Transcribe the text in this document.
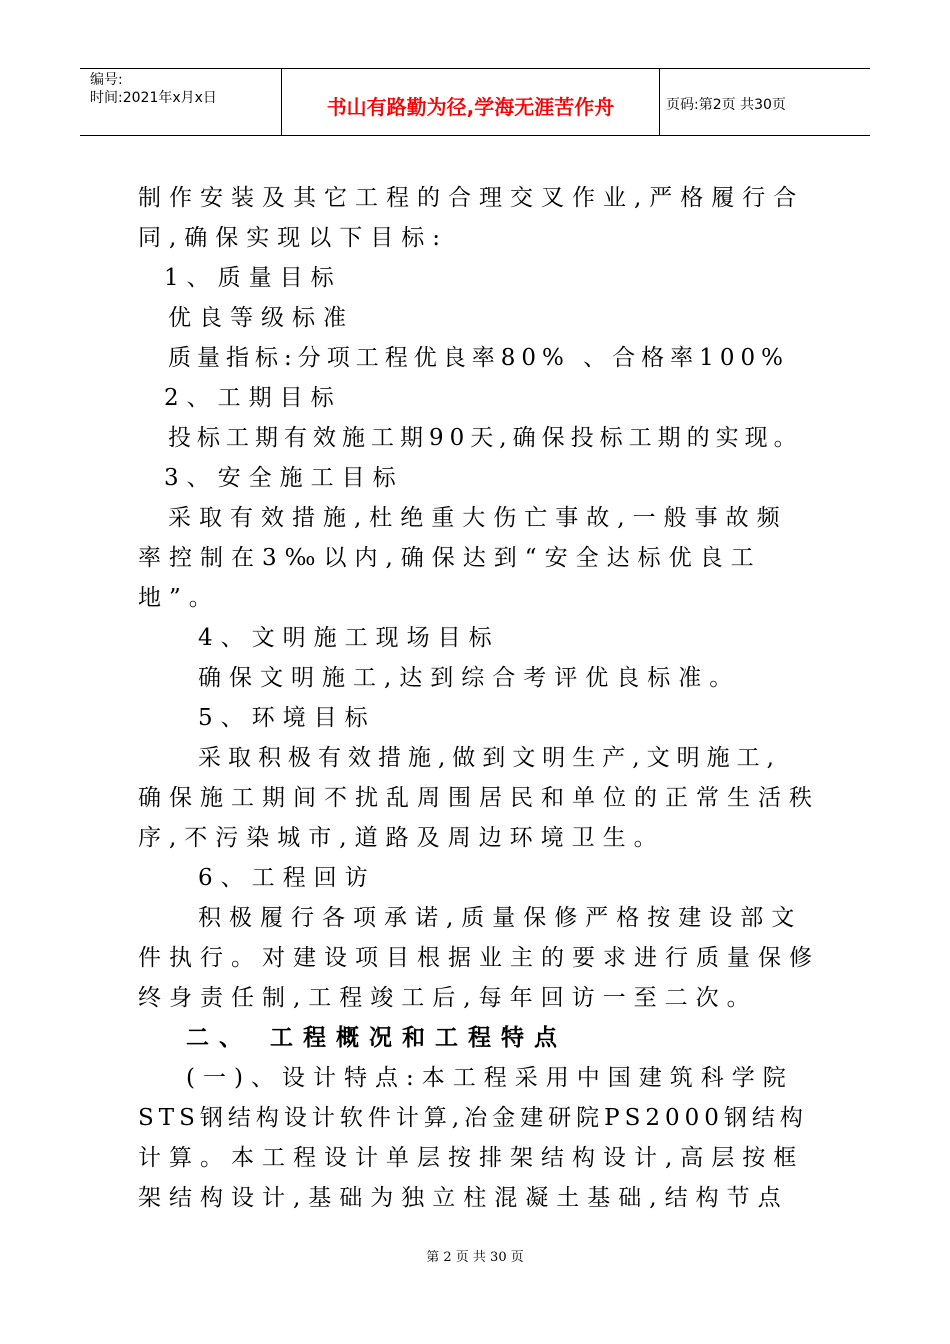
编号:
时间:2021年x月x日	书山有路勤为径,学海无涯苦作舟	页码:第2页 共30页
制作安装及其它工程的合理交叉作业,严格履行合
同,确保实现以下目标:
1、质量目标
优良等级标准
质量指标:分项工程优良率80% 、合格率100%
2、工期目标
投标工期有效施工期90天,确保投标工期的实现。
3、安全施工目标
采取有效措施,杜绝重大伤亡事故,一般事故频
率控制在3‰以内,确保达到“安全达标优良工
地”。
4、文明施工现场目标
确保文明施工,达到综合考评优良标准。
5、环境目标
采取积极有效措施,做到文明生产,文明施工,
确保施工期间不扰乱周围居民和单位的正常生活秩
序,不污染城市,道路及周边环境卫生。
6、工程回访
积极履行各项承诺,质量保修严格按建设部文
件执行。对建设项目根据业主的要求进行质量保修
终身责任制,工程竣工后,每年回访一至二次。
二、 工程概况和工程特点
(一)、设计特点:本工程采用中国建筑科学院
STS钢结构设计软件计算,冶金建研院PS2000钢结构
计算。本工程设计单层按排架结构设计,高层按框
架结构设计,基础为独立柱混凝土基础,结构节点
第 2 页 共 30 页
